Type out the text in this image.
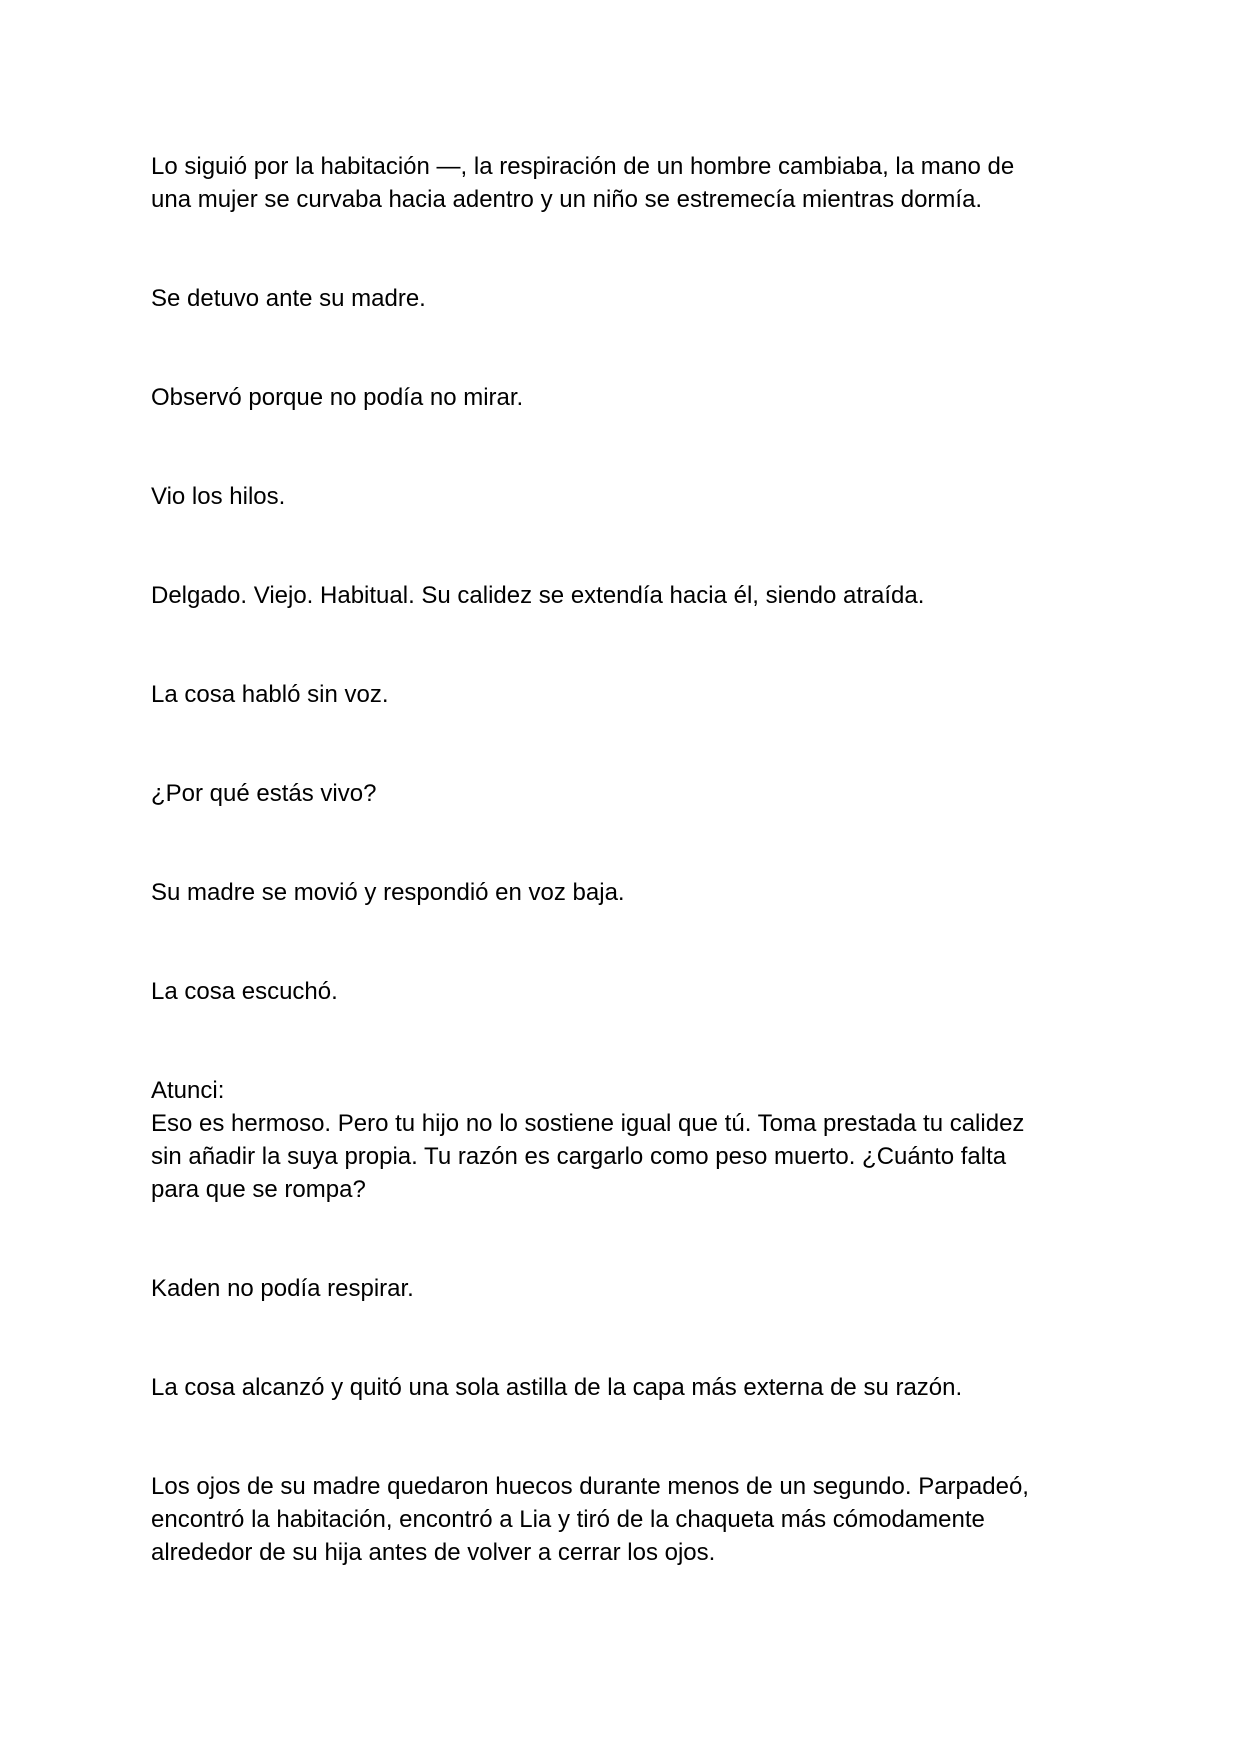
Lo siguió por la habitación —, la respiración de un hombre cambiaba, la mano de
una mujer se curvaba hacia adentro y un niño se estremecía mientras dormía.

Se detuvo ante su madre.

Observó porque no podía no mirar.

Vio los hilos.

Delgado. Viejo. Habitual. Su calidez se extendía hacia él, siendo atraída.

La cosa habló sin voz.

¿Por qué estás vivo?

Su madre se movió y respondió en voz baja.

La cosa escuchó.

Atunci:
Eso es hermoso. Pero tu hijo no lo sostiene igual que tú. Toma prestada tu calidez
sin añadir la suya propia. Tu razón es cargarlo como peso muerto. ¿Cuánto falta
para que se rompa?

Kaden no podía respirar.

La cosa alcanzó y quitó una sola astilla de la capa más externa de su razón.

Los ojos de su madre quedaron huecos durante menos de un segundo. Parpadeó,
encontró la habitación, encontró a Lia y tiró de la chaqueta más cómodamente
alrededor de su hija antes de volver a cerrar los ojos.
